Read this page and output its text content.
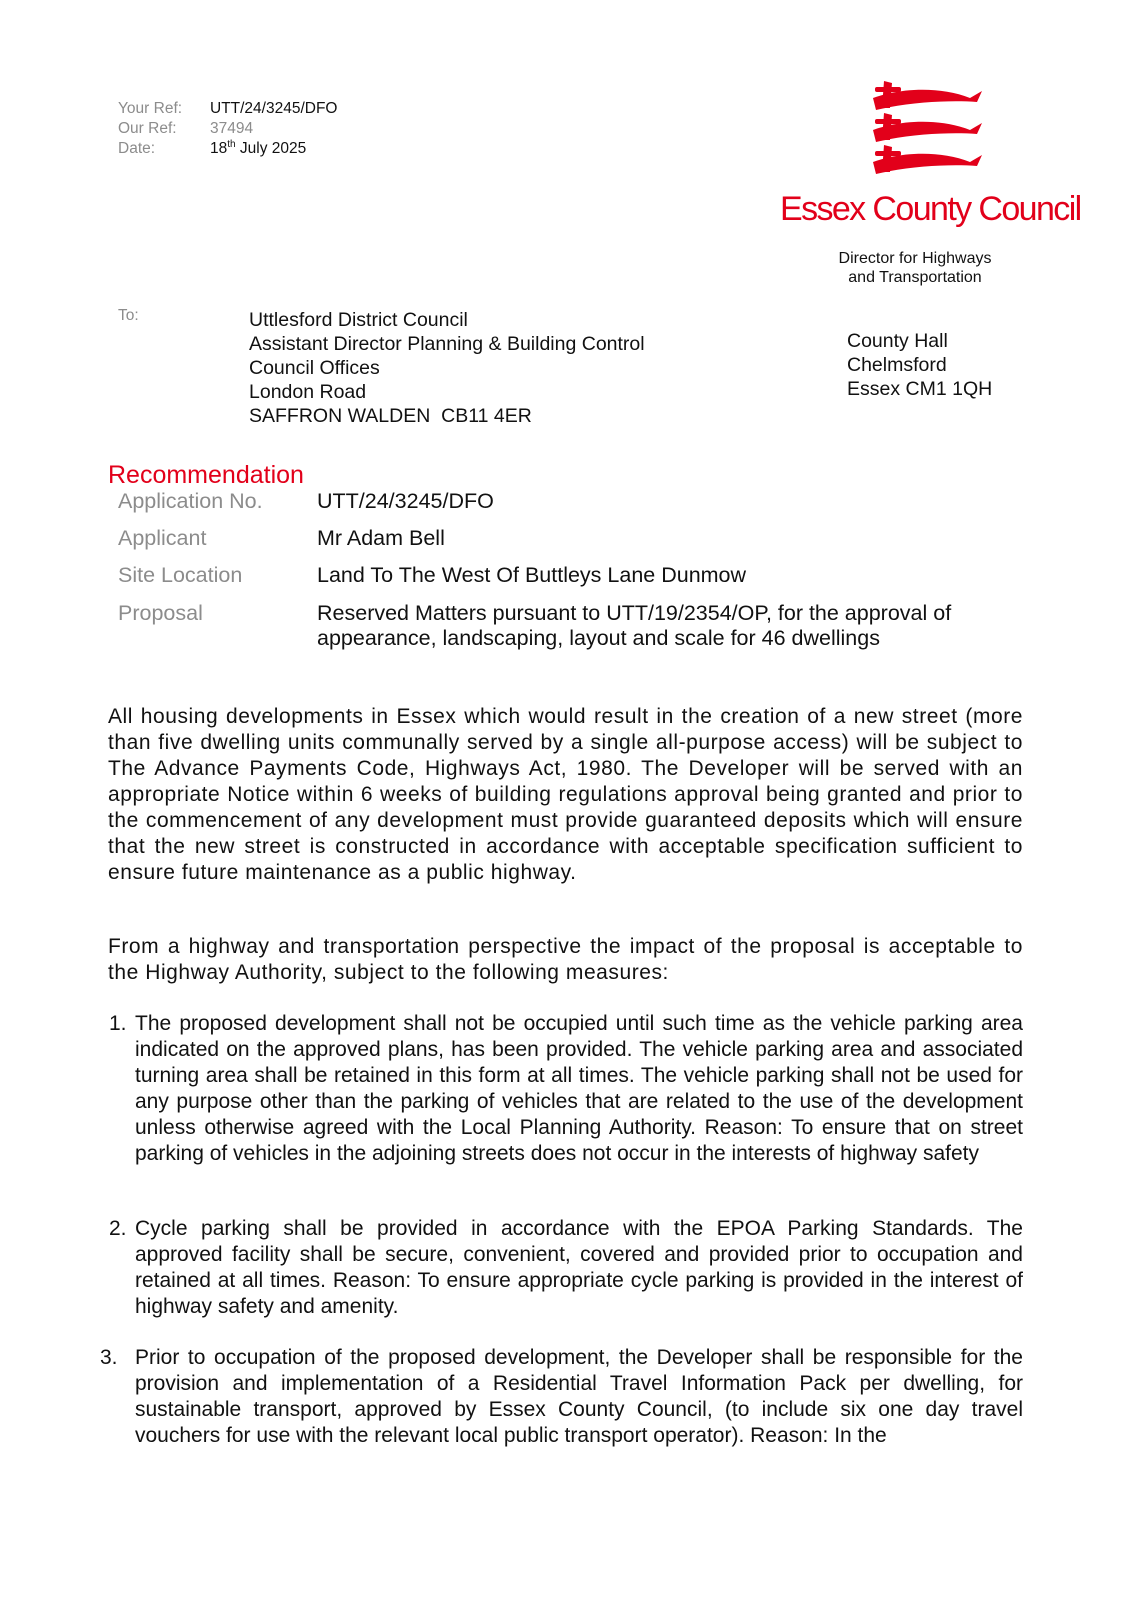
Your Ref:	UTT/24/3245/DFO
Our Ref:	37494
Date:	18th July 2025
Essex County Council
Director for Highways
and Transportation
To:	Uttlesford District Council
Assistant Director Planning & Building Control
Council Offices
London Road
SAFFRON WALDEN  CB11 4ER
County Hall
Chelmsford
Essex CM1 1QH
Recommendation
Application No.	UTT/24/3245/DFO
Applicant	Mr Adam Bell
Site Location	Land To The West Of Buttleys Lane Dunmow
Proposal	Reserved Matters pursuant to UTT/19/2354/OP, for the approval of appearance, landscaping, layout and scale for 46 dwellings
All housing developments in Essex which would result in the creation of a new street (more than five dwelling units communally served by a single all-purpose access) will be subject to The Advance Payments Code, Highways Act, 1980. The Developer will be served with an appropriate Notice within 6 weeks of building regulations approval being granted and prior to the commencement of any development must provide guaranteed deposits which will ensure that the new street is constructed in accordance with acceptable specification sufficient to ensure future maintenance as a public highway.
From a highway and transportation perspective the impact of the proposal is acceptable to the Highway Authority, subject to the following measures:
1. The proposed development shall not be occupied until such time as the vehicle parking area indicated on the approved plans, has been provided. The vehicle parking area and associated turning area shall be retained in this form at all times. The vehicle parking shall not be used for any purpose other than the parking of vehicles that are related to the use of the development unless otherwise agreed with the Local Planning Authority. Reason: To ensure that on street parking of vehicles in the adjoining streets does not occur in the interests of highway safety
2. Cycle parking shall be provided in accordance with the EPOA Parking Standards. The approved facility shall be secure, convenient, covered and provided prior to occupation and retained at all times. Reason: To ensure appropriate cycle parking is provided in the interest of highway safety and amenity.
3. Prior to occupation of the proposed development, the Developer shall be responsible for the provision and implementation of a Residential Travel Information Pack per dwelling, for sustainable transport, approved by Essex County Council, (to include six one day travel vouchers for use with the relevant local public transport operator). Reason: In the
